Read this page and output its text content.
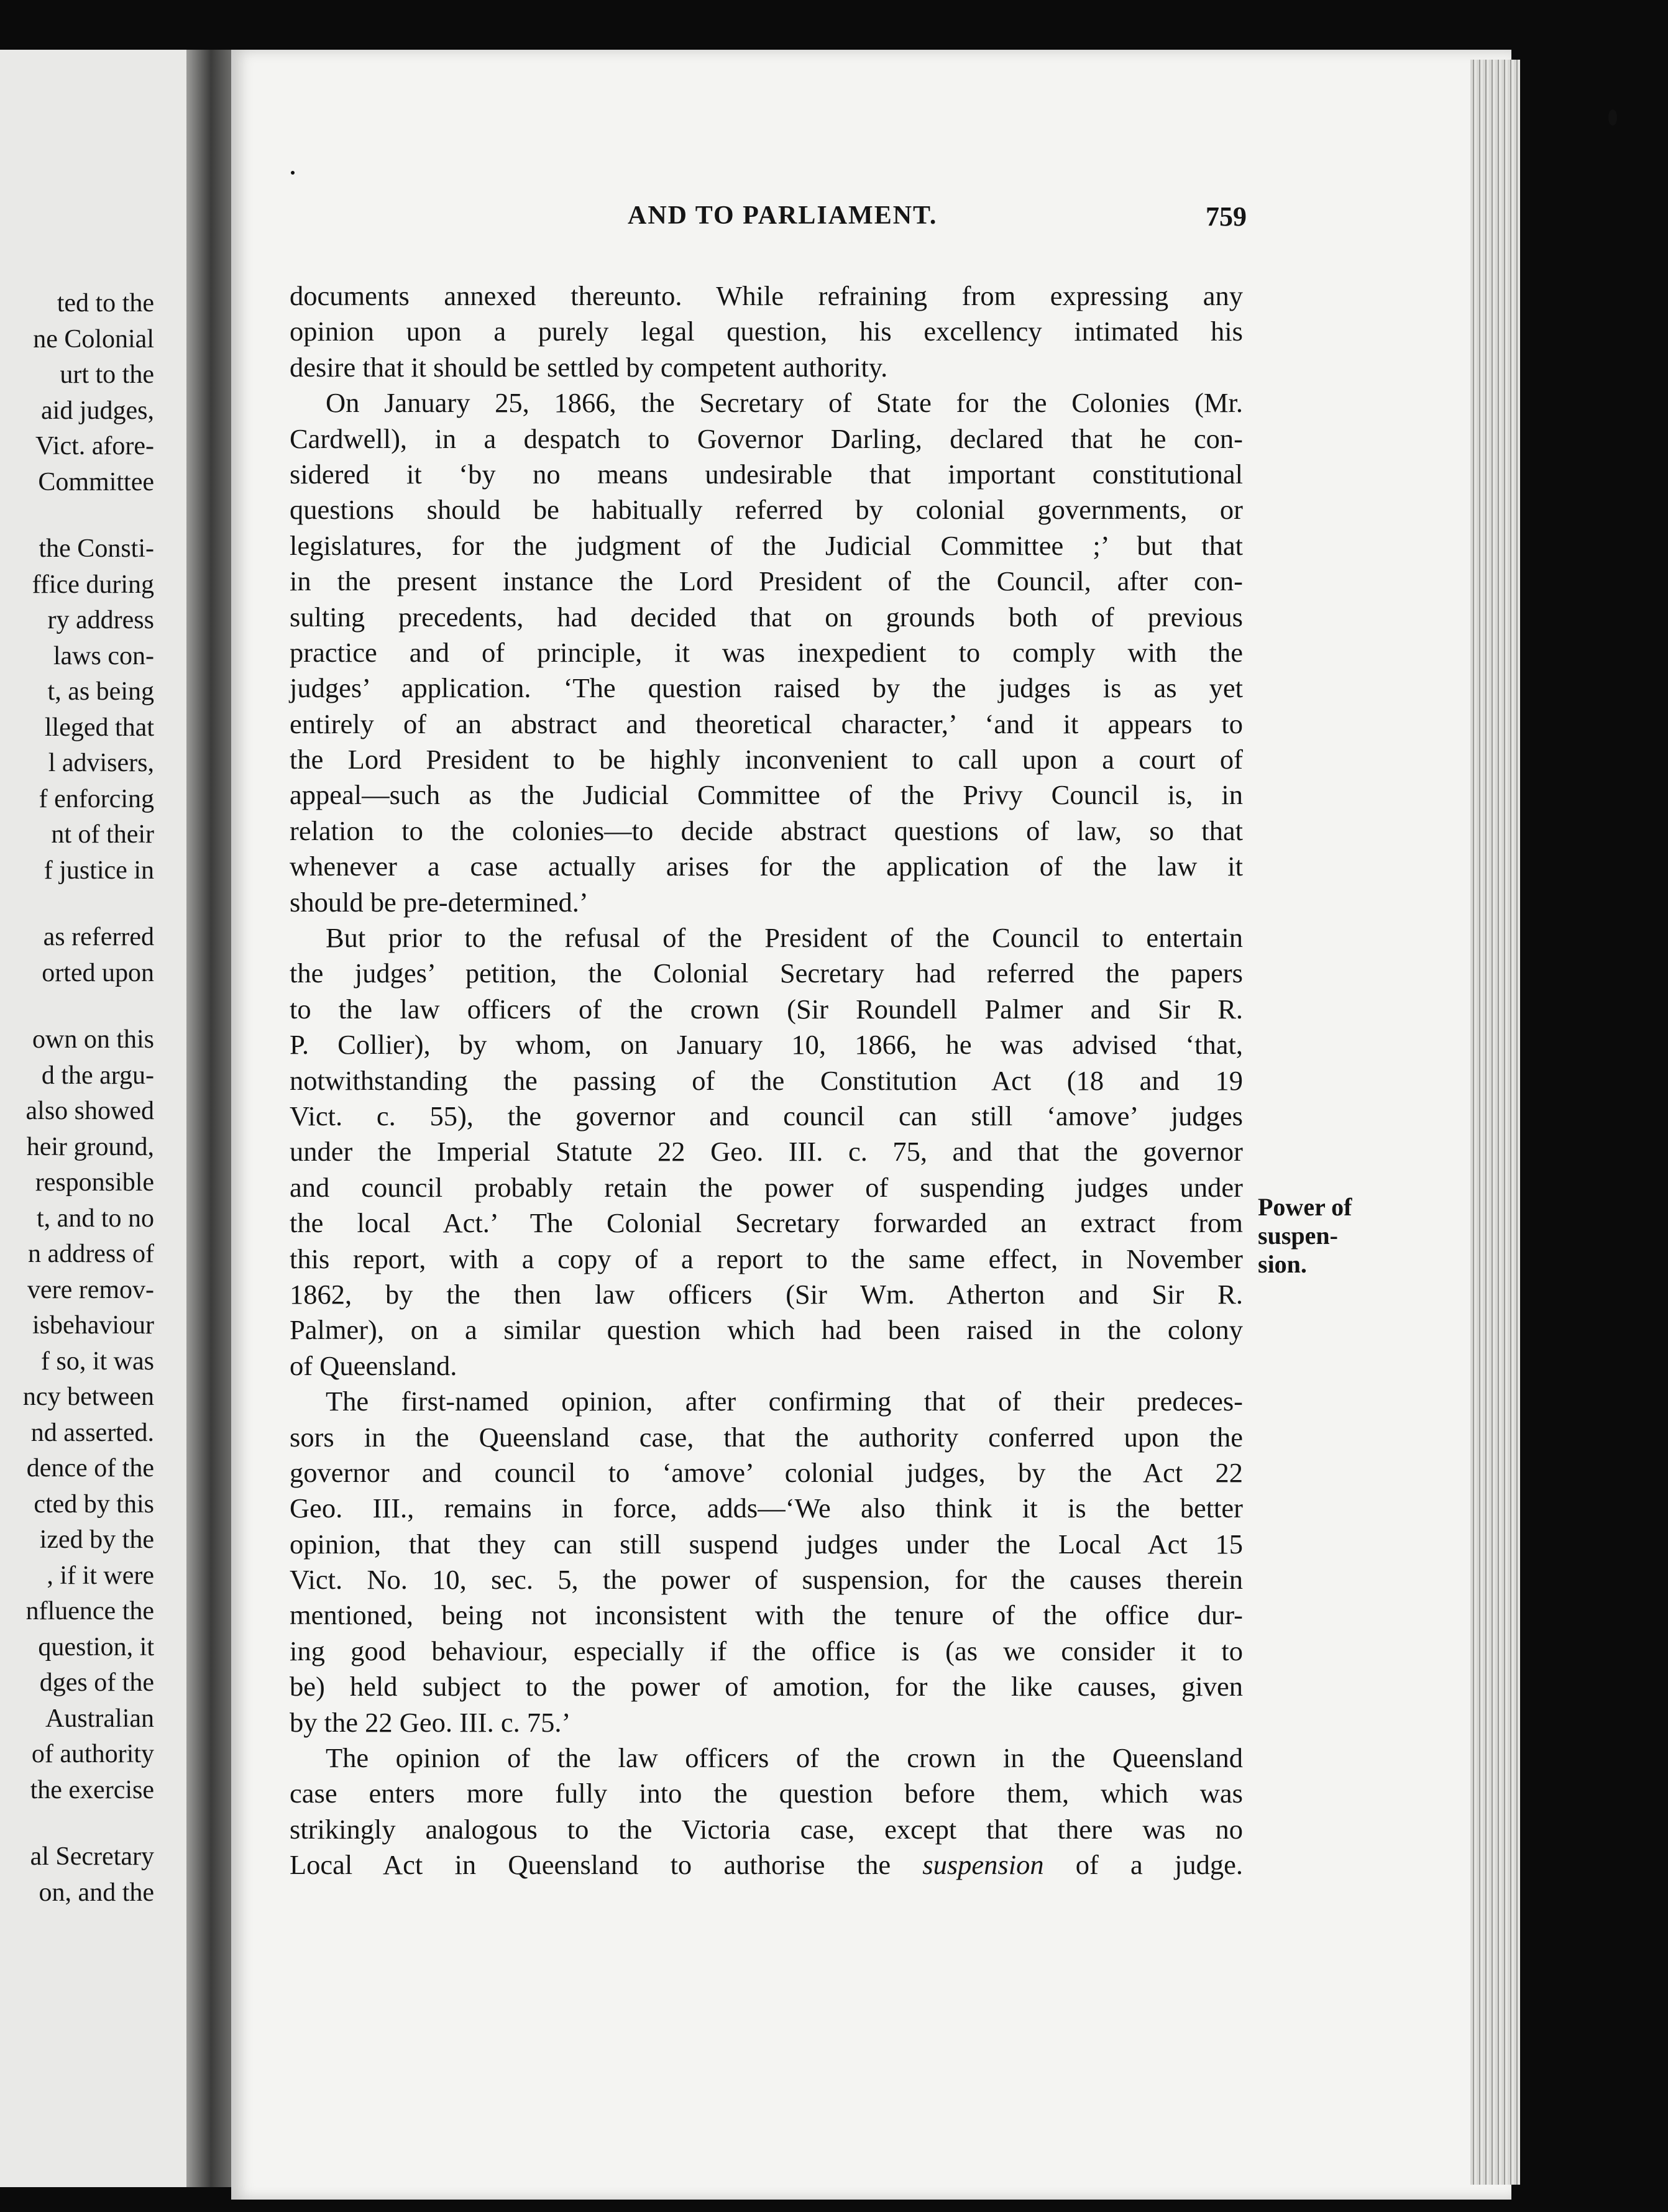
ted to the
ne Colonial
urt to the
aid judges,
Vict. afore-
Committee
the Consti-
ffice during
ry address
laws con-
t, as being
lleged that
l advisers,
f enforcing
nt of their
f justice in
as referred
orted upon
own on this
d the argu-
also showed
heir ground,
responsible
t, and to no
n address of
vere remov-
isbehaviour
f so, it was
ncy between
nd asserted.
dence of the
cted by this
ized by the
, if it were
nfluence the
question, it
dges of the
Australian
of authority
the exercise
al Secretary
on, and the
AND TO PARLIAMENT.	759
documents annexed thereunto. While refraining from expressing any
opinion upon a purely legal question, his excellency intimated his
desire that it should be settled by competent authority.
On January 25, 1866, the Secretary of State for the Colonies (Mr.
Cardwell), in a despatch to Governor Darling, declared that he con-
sidered it ‘by no means undesirable that important constitutional
questions should be habitually referred by colonial governments, or
legislatures, for the judgment of the Judicial Committee ;’ but that
in the present instance the Lord President of the Council, after con-
sulting precedents, had decided that on grounds both of previous
practice and of principle, it was inexpedient to comply with the
judges’ application. ‘The question raised by the judges is as yet
entirely of an abstract and theoretical character,’ ‘and it appears to
the Lord President to be highly inconvenient to call upon a court of
appeal—such as the Judicial Committee of the Privy Council is, in
relation to the colonies—to decide abstract questions of law, so that
whenever a case actually arises for the application of the law it
should be pre-determined.’
But prior to the refusal of the President of the Council to entertain
the judges’ petition, the Colonial Secretary had referred the papers
to the law officers of the crown (Sir Roundell Palmer and Sir R.
P. Collier), by whom, on January 10, 1866, he was advised ‘that,
notwithstanding the passing of the Constitution Act (18 and 19
Vict. c. 55), the governor and council can still ‘amove’ judges
under the Imperial Statute 22 Geo. III. c. 75, and that the governor
and council probably retain the power of suspending judges under
the local Act.’ The Colonial Secretary forwarded an extract from
this report, with a copy of a report to the same effect, in November
1862, by the then law officers (Sir Wm. Atherton and Sir R.
Palmer), on a similar question which had been raised in the colony
of Queensland.
The first-named opinion, after confirming that of their predeces-
sors in the Queensland case, that the authority conferred upon the
governor and council to ‘amove’ colonial judges, by the Act 22
Geo. III., remains in force, adds—‘We also think it is the better
opinion, that they can still suspend judges under the Local Act 15
Vict. No. 10, sec. 5, the power of suspension, for the causes therein
mentioned, being not inconsistent with the tenure of the office dur-
ing good behaviour, especially if the office is (as we consider it to
be) held subject to the power of amotion, for the like causes, given
by the 22 Geo. III. c. 75.’
The opinion of the law officers of the crown in the Queensland
case enters more fully into the question before them, which was
strikingly analogous to the Victoria case, except that there was no
Local Act in Queensland to authorise the suspension of a judge.
Power of
suspen-
sion.
